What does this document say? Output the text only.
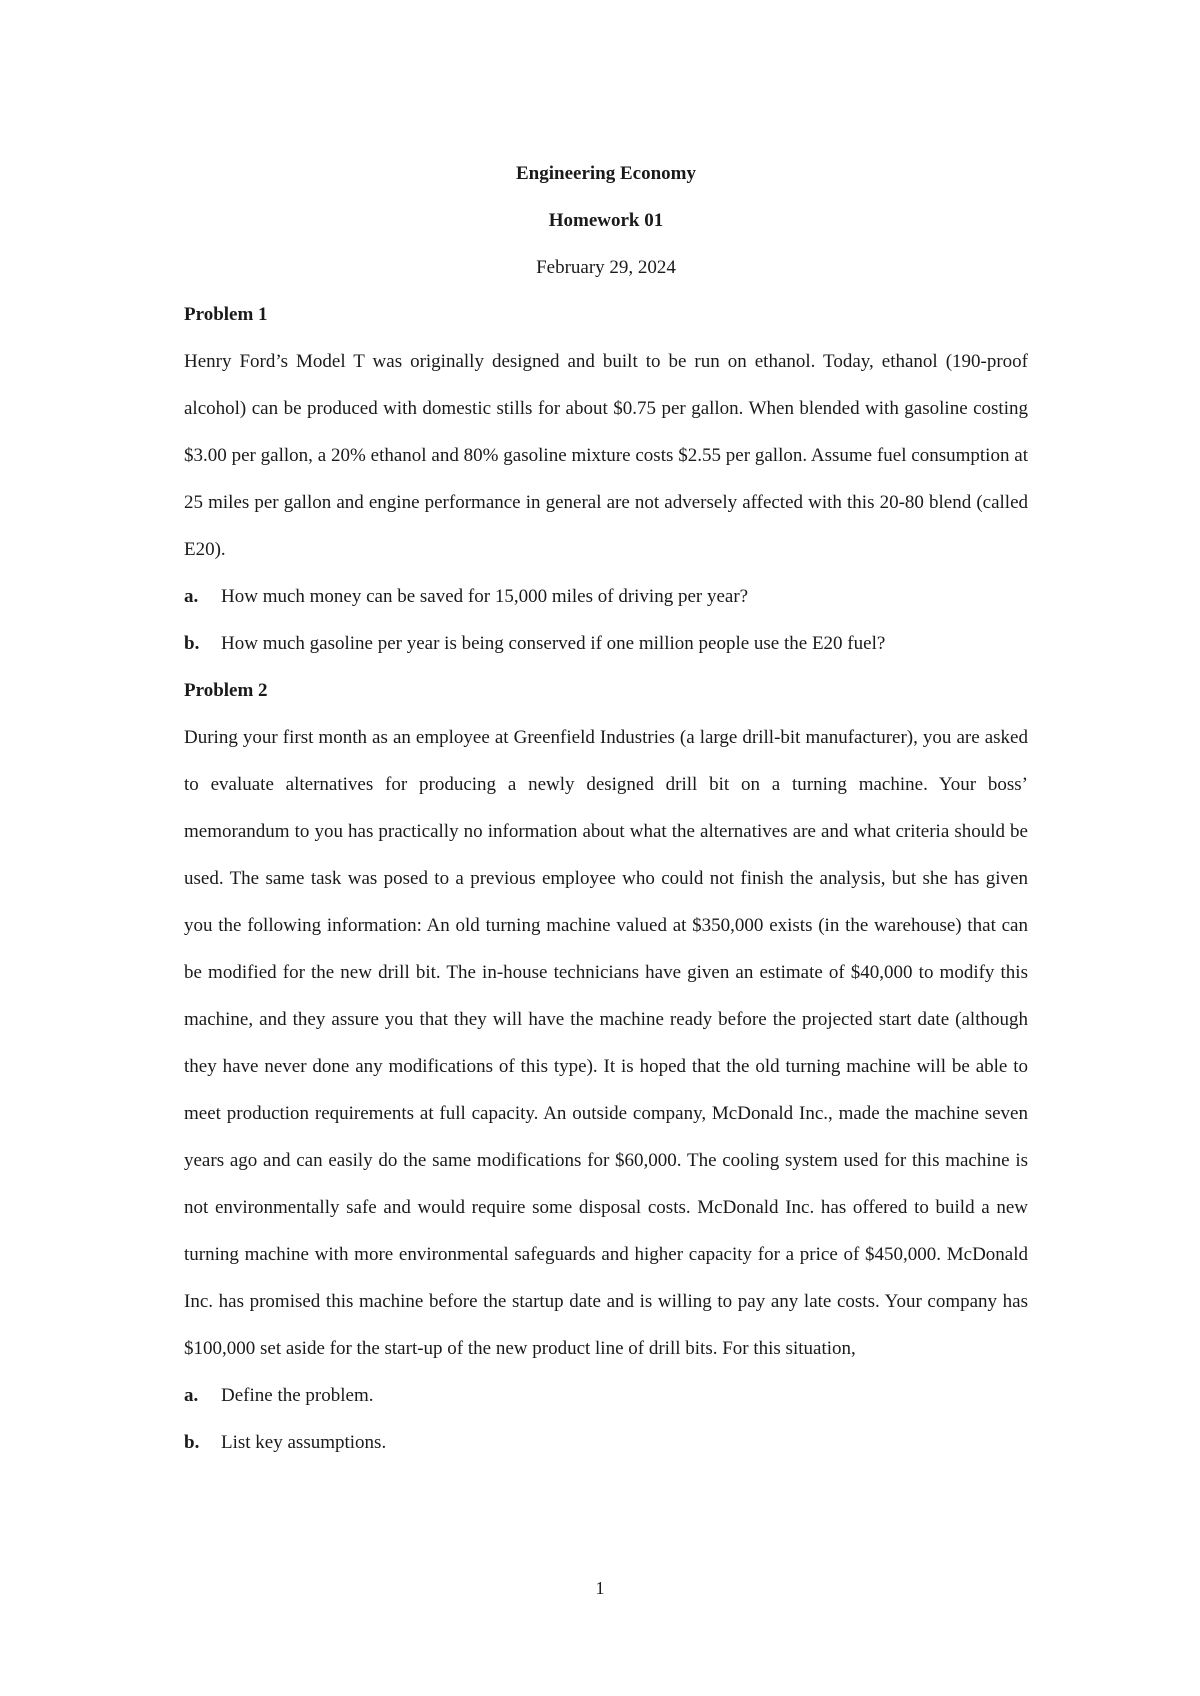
Engineering Economy

Homework 01

February 29, 2024

Problem 1

Henry Ford’s Model T was originally designed and built to be run on ethanol. Today, ethanol (190-proof alcohol) can be produced with domestic stills for about $0.75 per gallon. When blended with gasoline costing $3.00 per gallon, a 20% ethanol and 80% gasoline mixture costs $2.55 per gallon. Assume fuel consumption at 25 miles per gallon and engine performance in general are not adversely affected with this 20-80 blend (called E20).

a.	How much money can be saved for 15,000 miles of driving per year?
b.	How much gasoline per year is being conserved if one million people use the E20 fuel?

Problem 2

During your first month as an employee at Greenfield Industries (a large drill-bit manufacturer), you are asked to evaluate alternatives for producing a newly designed drill bit on a turning machine. Your boss’ memorandum to you has practically no information about what the alternatives are and what criteria should be used. The same task was posed to a previous employee who could not finish the analysis, but she has given you the following information: An old turning machine valued at $350,000 exists (in the warehouse) that can be modified for the new drill bit. The in-house technicians have given an estimate of $40,000 to modify this machine, and they assure you that they will have the machine ready before the projected start date (although they have never done any modifications of this type). It is hoped that the old turning machine will be able to meet production requirements at full capacity. An outside company, McDonald Inc., made the machine seven years ago and can easily do the same modifications for $60,000. The cooling system used for this machine is not environmentally safe and would require some disposal costs. McDonald Inc. has offered to build a new turning machine with more environmental safeguards and higher capacity for a price of $450,000. McDonald Inc. has promised this machine before the startup date and is willing to pay any late costs. Your company has $100,000 set aside for the start-up of the new product line of drill bits. For this situation,

a.	Define the problem.
b.	List key assumptions.
1
